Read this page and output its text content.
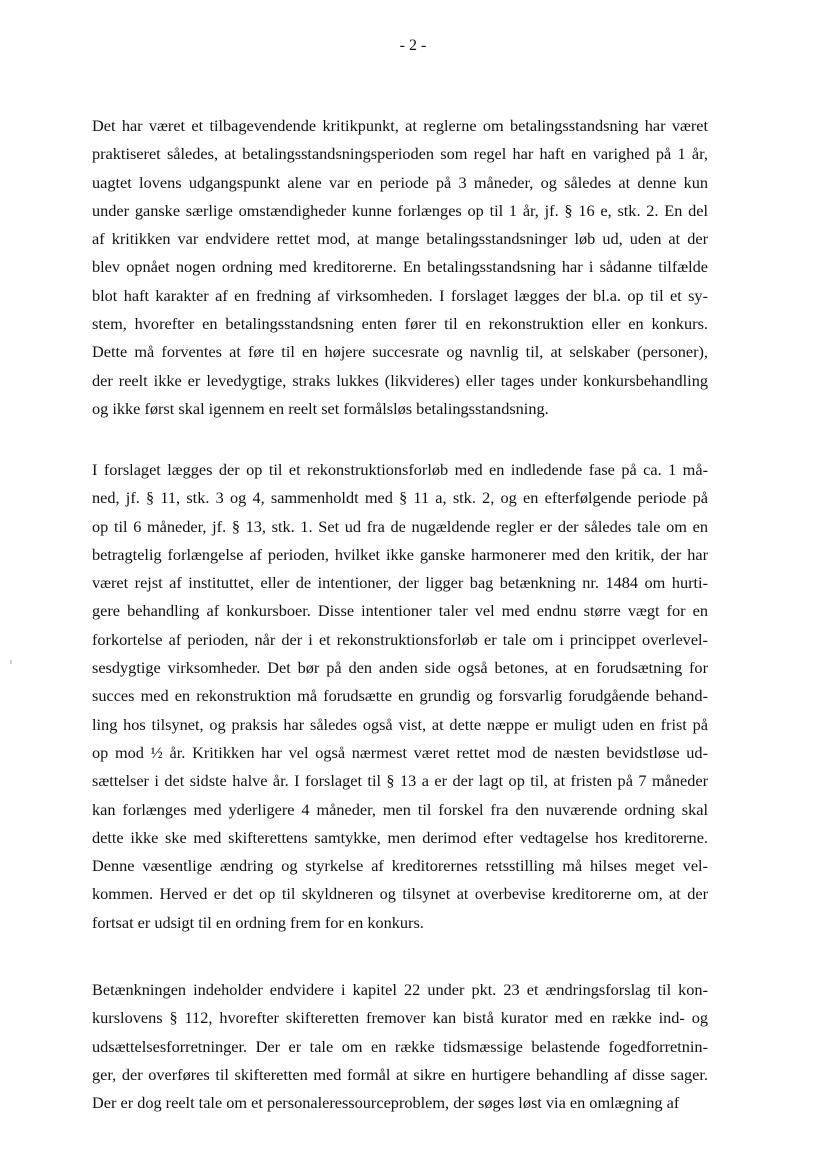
- 2 -
Det har været et tilbagevendende kritikpunkt, at reglerne om betalingsstandsning har været
praktiseret således, at betalingsstandsningsperioden som regel har haft en varighed på 1 år,
uagtet lovens udgangspunkt alene var en periode på 3 måneder, og således at denne kun
under ganske særlige omstændigheder kunne forlænges op til 1 år, jf. § 16 e, stk. 2. En del
af kritikken var endvidere rettet mod, at mange betalingsstandsninger løb ud, uden at der
blev opnået nogen ordning med kreditorerne. En betalingsstandsning har i sådanne tilfælde
blot haft karakter af en fredning af virksomheden. I forslaget lægges der bl.a. op til et sy-
stem, hvorefter en betalingsstandsning enten fører til en rekonstruktion eller en konkurs.
Dette må forventes at føre til en højere succesrate og navnlig til, at selskaber (personer),
der reelt ikke er levedygtige, straks lukkes (likvideres) eller tages under konkursbehandling
og ikke først skal igennem en reelt set formålsløs betalingsstandsning.
I forslaget lægges der op til et rekonstruktionsforløb med en indledende fase på ca. 1 må-
ned, jf. § 11, stk. 3 og 4, sammenholdt med § 11 a, stk. 2, og en efterfølgende periode på
op til 6 måneder, jf. § 13, stk. 1. Set ud fra de nugældende regler er der således tale om en
betragtelig forlængelse af perioden, hvilket ikke ganske harmonerer med den kritik, der har
været rejst af instituttet, eller de intentioner, der ligger bag betænkning nr. 1484 om hurti-
gere behandling af konkursboer. Disse intentioner taler vel med endnu større vægt for en
forkortelse af perioden, når der i et rekonstruktionsforløb er tale om i princippet overlevel-
sesdygtige virksomheder. Det bør på den anden side også betones, at en forudsætning for
succes med en rekonstruktion må forudsætte en grundig og forsvarlig forudgående behand-
ling hos tilsynet, og praksis har således også vist, at dette næppe er muligt uden en frist på
op mod ½ år. Kritikken har vel også nærmest været rettet mod de næsten bevidstløse ud-
sættelser i det sidste halve år. I forslaget til § 13 a er der lagt op til, at fristen på 7 måneder
kan forlænges med yderligere 4 måneder, men til forskel fra den nuværende ordning skal
dette ikke ske med skifterettens samtykke, men derimod efter vedtagelse hos kreditorerne.
Denne væsentlige ændring og styrkelse af kreditorernes retsstilling må hilses meget vel-
kommen. Herved er det op til skyldneren og tilsynet at overbevise kreditorerne om, at der
fortsat er udsigt til en ordning frem for en konkurs.
Betænkningen indeholder endvidere i kapitel 22 under pkt. 23 et ændringsforslag til kon-
kurslovens § 112, hvorefter skifteretten fremover kan bistå kurator med en række ind- og
udsættelsesforretninger. Der er tale om en række tidsmæssige belastende fogedforretnin-
ger, der overføres til skifteretten med formål at sikre en hurtigere behandling af disse sager.
Der er dog reelt tale om et personaleressourceproblem, der søges løst via en omlægning af
